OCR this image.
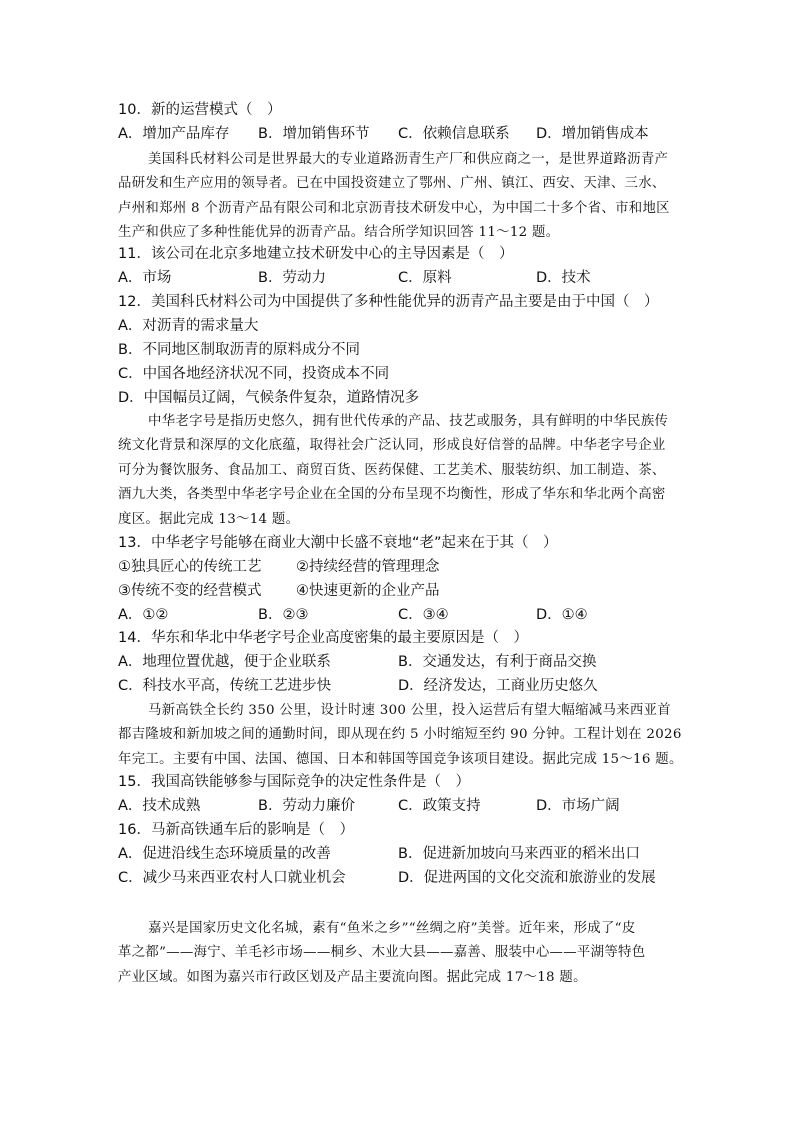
10．新的运营模式（　）
A．增加产品库存 B．增加销售环节 C．依赖信息联系 D．增加销售成本

美国科氏材料公司是世界最大的专业道路沥青生产厂和供应商之一，是世界道路沥青产

品研发和生产应用的领导者。已在中国投资建立了鄂州、广州、镇江、西安、天津、三水、

卢州和郑州 8 个沥青产品有限公司和北京沥青技术研发中心，为中国二十多个省、市和地区

生产和供应了多种性能优异的沥青产品。结合所学知识回答 11～12 题。

11．该公司在北京多地建立技术研发中心的主导因素是（　）
A．市场	B．劳动力	C．原料	D．技术
12．美国科氏材料公司为中国提供了多种性能优异的沥青产品主要是由于中国（　）
A．对沥青的需求量大
B．不同地区制取沥青的原料成分不同
C．中国各地经济状况不同，投资成本不同
D．中国幅员辽阔，气候条件复杂，道路情况多

中华老字号是指历史悠久，拥有世代传承的产品、技艺或服务，具有鲜明的中华民族传

统文化背景和深厚的文化底蕴，取得社会广泛认同，形成良好信誉的品牌。中华老字号企业

可分为餐饮服务、食品加工、商贸百货、医药保健、工艺美术、服装纺织、加工制造、茶、

酒九大类，各类型中华老字号企业在全国的分布呈现不均衡性，形成了华东和华北两个高密

度区。据此完成 13～14 题。

13．中华老字号能够在商业大潮中长盛不衰地“老”起来在于其（　）
①独具匠心的传统工艺 ②持续经营的管理理念
③传统不变的经营模式 ④快速更新的企业产品
A．①②	B．②③	C．③④	D．①④
14．华东和华北中华老字号企业高度密集的最主要原因是（　）
A．地理位置优越，便于企业联系	B．交通发达，有利于商品交换
C．科技水平高，传统工艺进步快	D．经济发达，工商业历史悠久

马新高铁全长约 350 公里，设计时速 300 公里，投入运营后有望大幅缩减马来西亚首

都吉隆坡和新加坡之间的通勤时间，即从现在约 5 小时缩短至约 90 分钟。工程计划在 2026

年完工。主要有中国、法国、德国、日本和韩国等国竞争该项目建设。据此完成 15～16 题。

15．我国高铁能够参与国际竞争的决定性条件是（　）
A．技术成熟	B．劳动力廉价	C．政策支持	D．市场广阔
16．马新高铁通车后的影响是（　）
A．促进沿线生态环境质量的改善	B．促进新加坡向马来西亚的稻米出口
C．减少马来西亚农村人口就业机会	D．促进两国的文化交流和旅游业的发展

嘉兴是国家历史文化名城，素有“鱼米之乡”“丝绸之府”美誉。近年来，形成了“皮

革之都”——海宁、羊毛衫市场——桐乡、木业大县——嘉善、服装中心——平湖等特色

产业区域。如图为嘉兴市行政区划及产品主要流向图。据此完成 17～18 题。
